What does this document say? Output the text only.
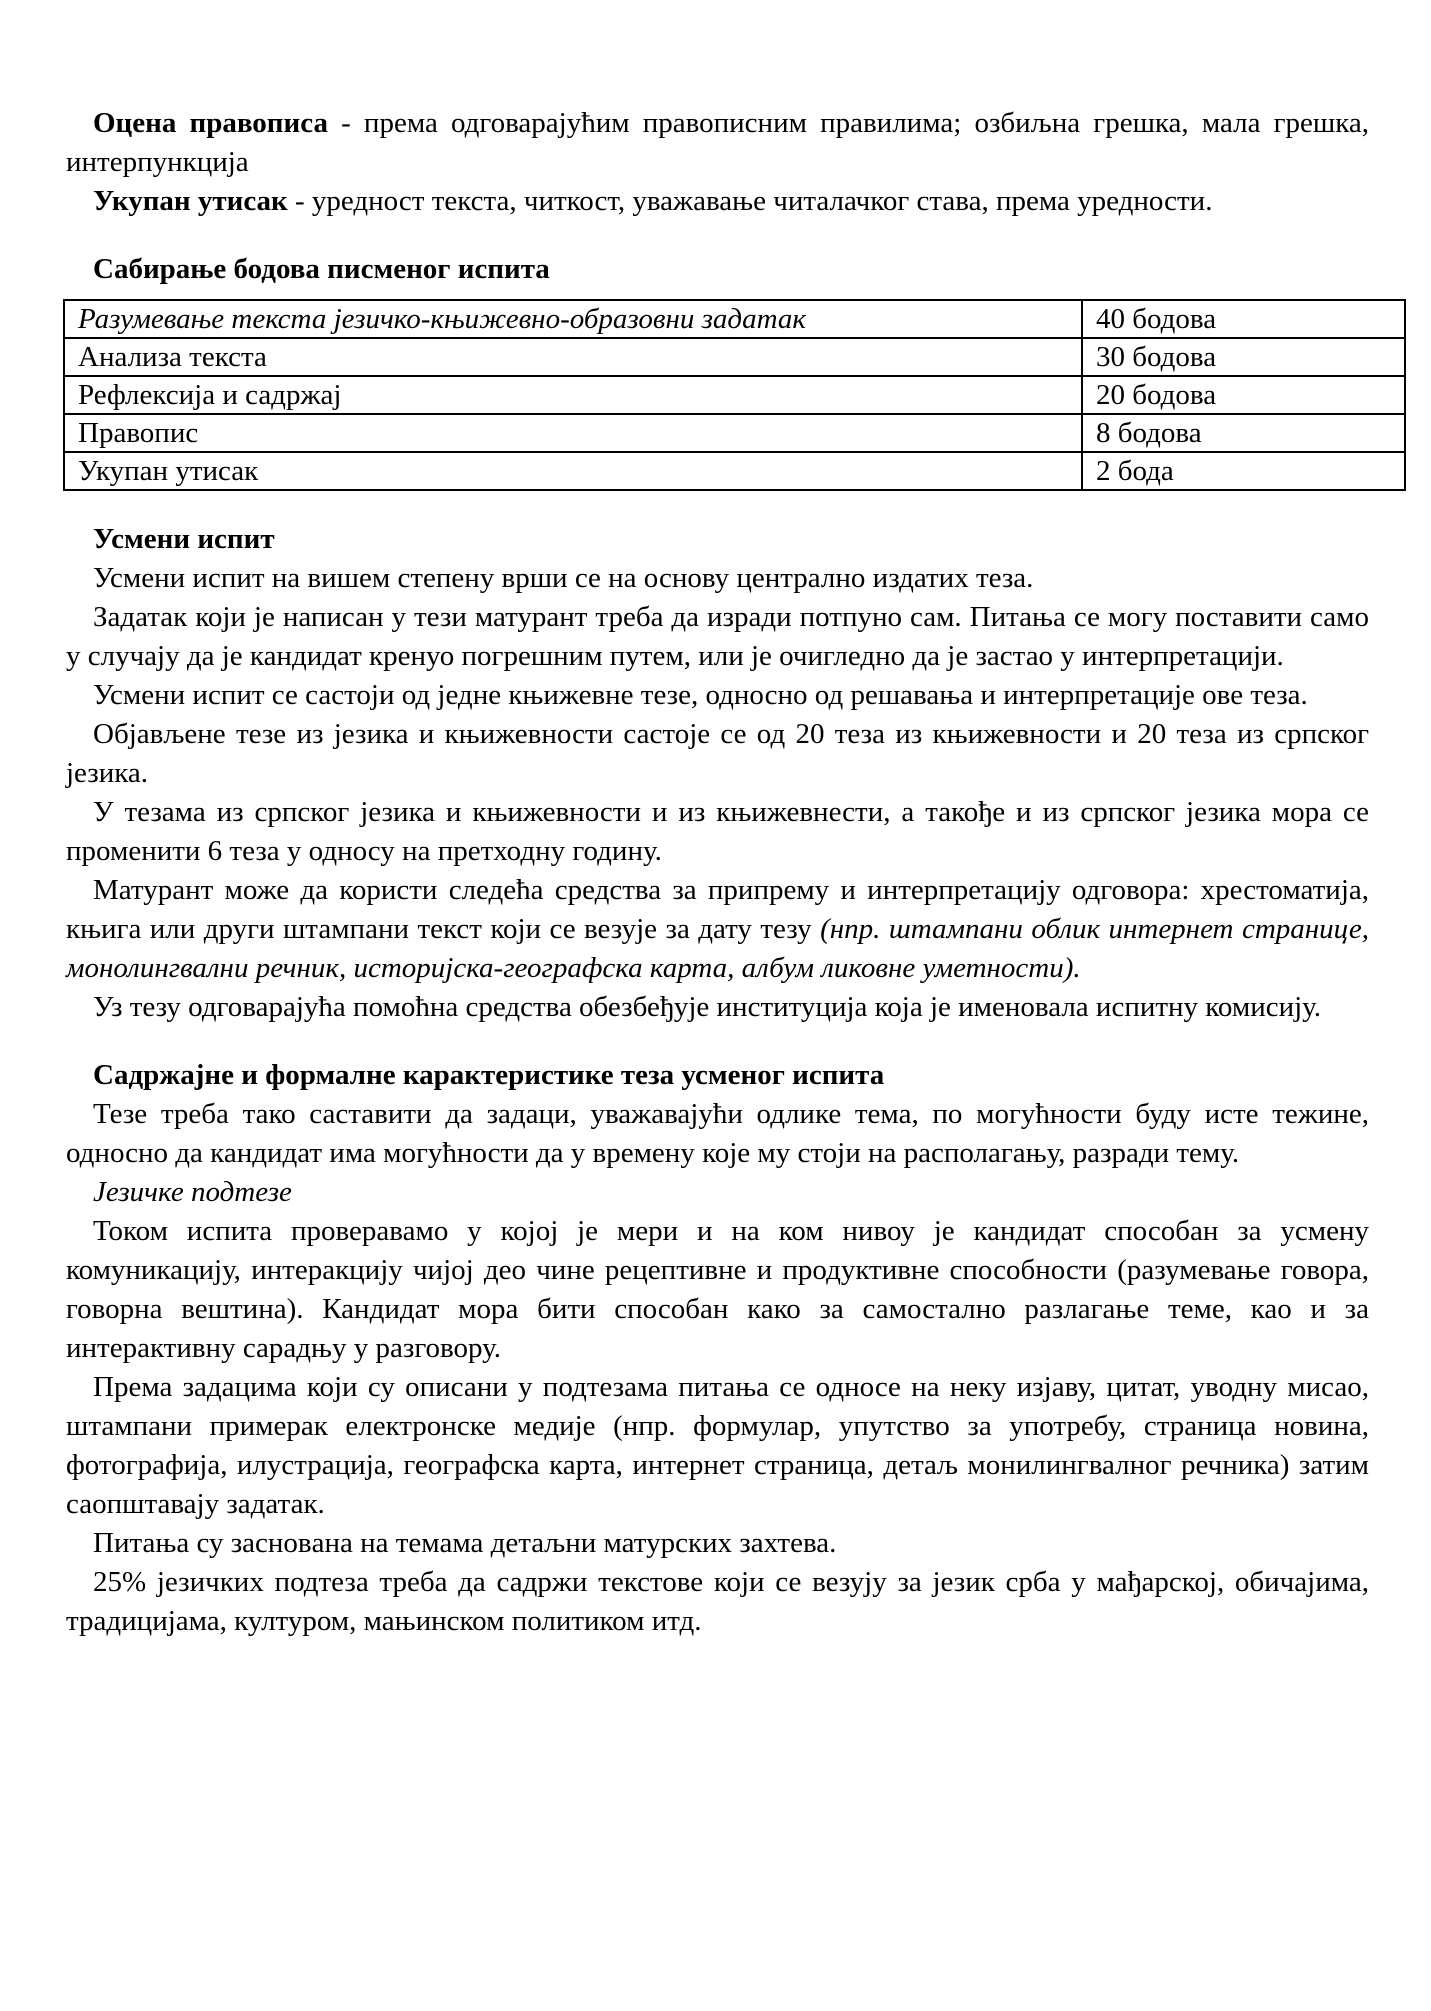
Оцена правописа - према одговарајућим правописним правилима; озбиљна грешка, мала грешка, интерпункција

Укупан утисак - уредност текста, читкост, уважавање читалачког става, према уредности.

Сабирање бодова писменог испита

Разумевање текста језичко-књижевно-образовни задатак	40 бодова
Анализа текста	30 бодова
Рефлексија и садржај	20 бодова
Правопис	8 бодова
Укупан утисак	2 бода

Усмени испит

Усмени испит на вишем степену врши се на основу централно издатих теза.

Задатак који је написан у тези матурант треба да изради потпуно сам. Питања се могу поставити само у случају да је кандидат кренуо погрешним путем, или је очигледно да је застао у интерпретацији.

Усмени испит се састоји од једне књижевне тезе, односно од решавања и интерпретације ове теза.

Објављене тезе из језика и књижевности састоје се од 20 теза из књижевности и 20 теза из српског језика.

У тезама из српског језика и књижевности и из књижевнести, а такође и из српског језика мора се променити 6 теза у односу на претходну годину.

Матурант може да користи следећа средства за припрему и интерпретацију одговора: хрестоматија, књига или други штампани текст који се везује за дату тезу (нпр. штампани облик интернет странице, монолингвални речник, историјска-географска карта, албум ликовне уметности).

Уз тезу одговарајућа помоћна средства обезбеђује институција која је именовала испитну комисију.

Садржајне и формалне карактеристике теза усменог испита

Тезе треба тако саставити да задаци, уважавајући одлике тема, по могућности буду исте тежине, односно да кандидат има могућности да у времену које му стоји на располагању, разради тему.

Језичке подтезе

Током испита проверавамо у којој је мери и на ком нивоу је кандидат способан за усмену комуникацију, интеракцију чијој део чине рецептивне и продуктивне способности (разумевање говора, говорна вештина). Кандидат мора бити способан како за самостално разлагање теме, као и за интерактивну сарадњу у разговору.

Према задацима који су описани у подтезама питања се односе на неку изјаву, цитат, уводну мисао, штампани примерак електронске медије (нпр. формулар, упутство за употребу, страница новина, фотографија, илустрација, географска карта, интернет страница, детаљ монилингвалног речника) затим саопштавају задатак.

Питања су засновaна на темама детаљни матурских захтева.

25% језичких подтеза треба да садржи текстове који се везују за језик срба у мађарској, обичајима, традицијама, културом, мањинском политиком итд.
